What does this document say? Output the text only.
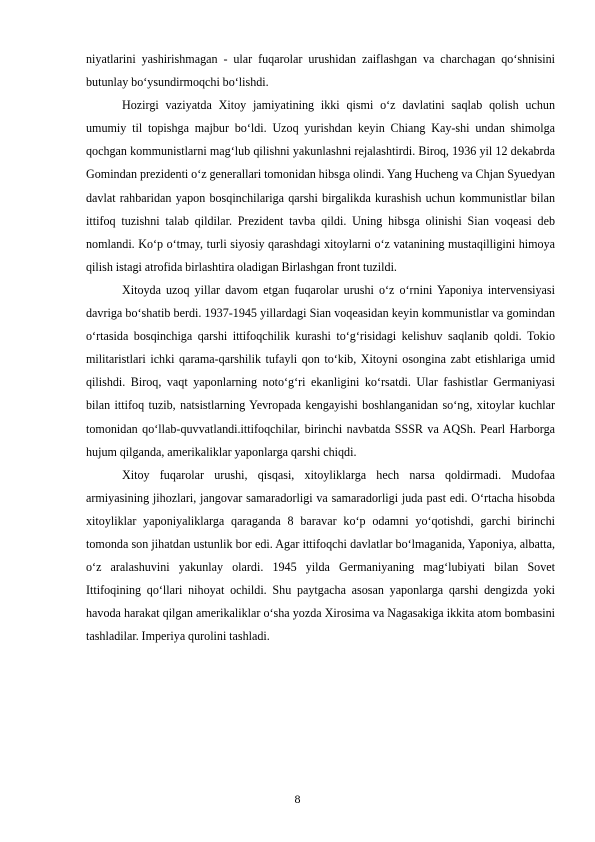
niyatlarini yashirishmagan - ular fuqarolar urushidan zaiflashgan va charchagan qo‘shnisini butunlay bo‘ysundirmoqchi bo‘lishdi.

Hozirgi vaziyatda Xitoy jamiyatining ikki qismi o‘z davlatini saqlab qolish uchun umumiy til topishga majbur bo‘ldi. Uzoq yurishdan keyin Chiang Kay-shi undan shimolga qochgan kommunistlarni mag‘lub qilishni yakunlashni rejalashtirdi. Biroq, 1936 yil 12 dekabrda Gomindan prezidenti o‘z generallari tomonidan hibsga olindi. Yang Hucheng va Chjan Syuedyan davlat rahbaridan yapon bosqinchilariga qarshi birgalikda kurashish uchun kommunistlar bilan ittifoq tuzishni talab qildilar. Prezident tavba qildi. Uning hibsga olinishi Sian voqeasi deb nomlandi. Ko‘p o‘tmay, turli siyosiy qarashdagi xitoylarni o‘z vatanining mustaqilligini himoya qilish istagi atrofida birlashtira oladigan Birlashgan front tuzildi.

Xitoyda uzoq yillar davom etgan fuqarolar urushi o‘z o‘rnini Yaponiya intervensiyasi davriga bo‘shatib berdi. 1937-1945 yillardagi Sian voqeasidan keyin kommunistlar va gomindan o‘rtasida bosqinchiga qarshi ittifoqchilik kurashi to‘g‘risidagi kelishuv saqlanib qoldi. Tokio militaristlari ichki qarama-qarshilik tufayli qon to‘kib, Xitoyni osongina zabt etishlariga umid qilishdi. Biroq, vaqt yaponlarning noto‘g‘ri ekanligini ko‘rsatdi. Ular fashistlar Germaniyasi bilan ittifoq tuzib, natsistlarning Yevropada kengayishi boshlanganidan so‘ng, xitoylar kuchlar tomonidan qo‘llab-quvvatlandi.ittifoqchilar, birinchi navbatda SSSR va AQSh. Pearl Harborga hujum qilganda, amerikaliklar yaponlarga qarshi chiqdi.

Xitoy fuqarolar urushi, qisqasi, xitoyliklarga hech narsa qoldirmadi. Mudofaa armiyasining jihozlari, jangovar samaradorligi va samaradorligi juda past edi. O‘rtacha hisobda xitoyliklar yaponiyaliklarga qaraganda 8 baravar ko‘p odamni yo‘qotishdi, garchi birinchi tomonda son jihatdan ustunlik bor edi. Agar ittifoqchi davlatlar bo‘lmaganida, Yaponiya, albatta, o‘z aralashuvini yakunlay olardi. 1945 yilda Germaniyaning mag‘lubiyati bilan Sovet Ittifoqining qo‘llari nihoyat ochildi. Shu paytgacha asosan yaponlarga qarshi dengizda yoki havoda harakat qilgan amerikaliklar o‘sha yozda Xirosima va Nagasakiga ikkita atom bombasini tashladilar. Imperiya qurolini tashladi.

8
